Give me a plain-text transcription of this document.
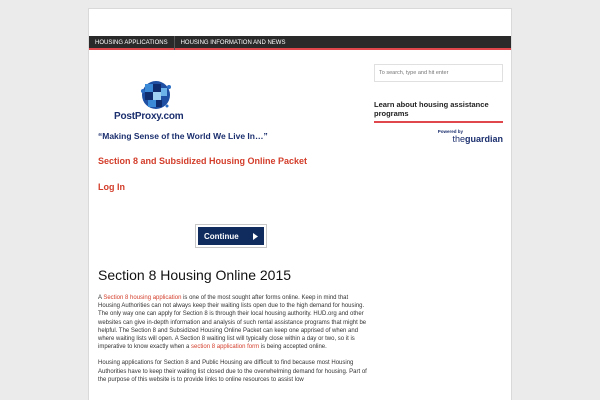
HOUSING APPLICATIONS	HOUSING INFORMATION AND NEWS
PostProxy.com
“Making Sense of the World We Live In…”
Section 8 and Subsidized Housing Online Packet
Log In
Continue
Section 8 Housing Online 2015
A Section 8 housing application is one of the most sought after forms online. Keep in mind that Housing Authorities can not always keep their waiting lists open due to the high demand for housing. The only way one can apply for Section 8 is through their local housing authority. HUD.org and other websites can give in-depth information and analysis of such rental assistance programs that might be helpful. The Section 8 and Subsidized Housing Online Packet can keep one apprised of when and where waiting lists will open. A Section 8 waiting list will typically close within a day or two, so it is imperative to know exactly when a section 8 application form is being accepted online.
Housing applications for Section 8 and Public Housing are difficult to find because most Housing Authorities have to keep their waiting list closed due to the overwhelming demand for housing. Part of the purpose of this website is to provide links to online resources to assist low
To search, type and hit enter
Learn about housing assistance programs
Powered by
theguardian
